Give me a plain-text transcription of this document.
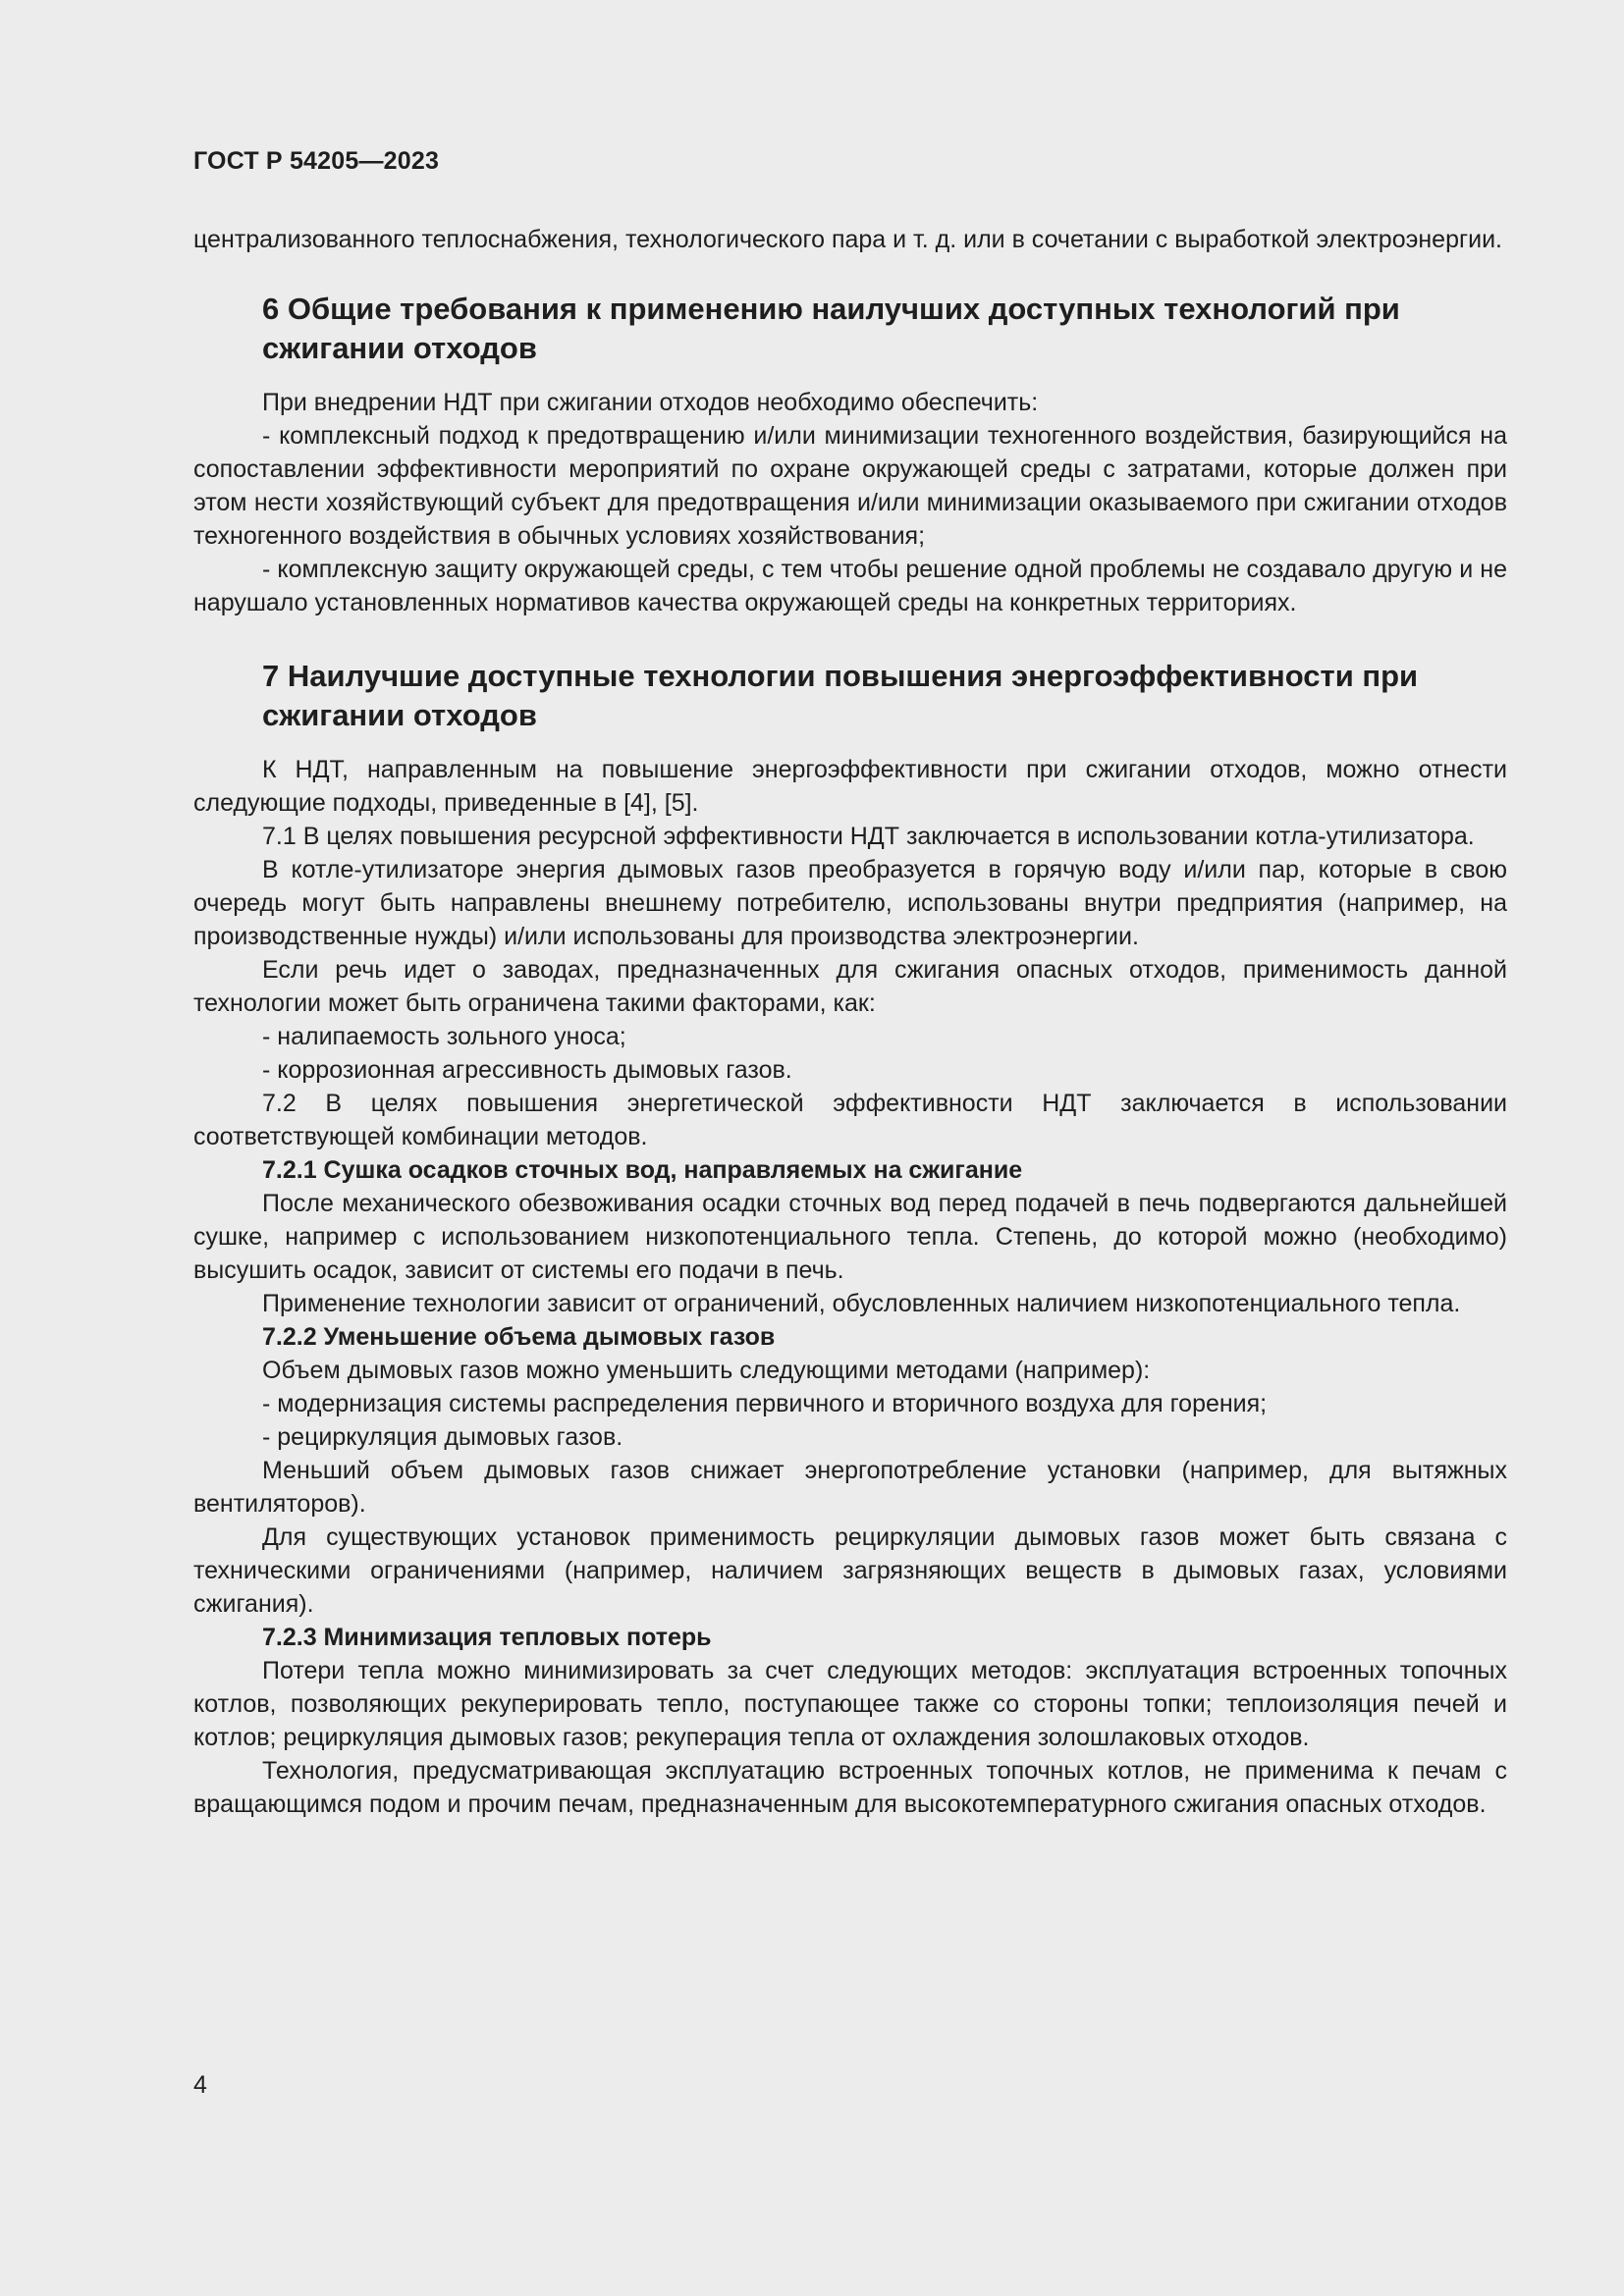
ГОСТ Р 54205—2023

централизованного теплоснабжения, технологического пара и т. д. или в сочетании с выработкой электроэнергии.

6 Общие требования к применению наилучших доступных технологий при сжигании отходов

При внедрении НДТ при сжигании отходов необходимо обеспечить:

- комплексный подход к предотвращению и/или минимизации техногенного воздействия, базирующийся на сопоставлении эффективности мероприятий по охране окружающей среды с затратами, которые должен при этом нести хозяйствующий субъект для предотвращения и/или минимизации оказываемого при сжигании отходов техногенного воздействия в обычных условиях хозяйствования;

- комплексную защиту окружающей среды, с тем чтобы решение одной проблемы не создавало другую и не нарушало установленных нормативов качества окружающей среды на конкретных территориях.

7 Наилучшие доступные технологии повышения энергоэффективности при сжигании отходов

К НДТ, направленным на повышение энергоэффективности при сжигании отходов, можно отнести следующие подходы, приведенные в [4], [5].

7.1 В целях повышения ресурсной эффективности НДТ заключается в использовании котла-утилизатора.

В котле-утилизаторе энергия дымовых газов преобразуется в горячую воду и/или пар, которые в свою очередь могут быть направлены внешнему потребителю, использованы внутри предприятия (например, на производственные нужды) и/или использованы для производства электроэнергии.

Если речь идет о заводах, предназначенных для сжигания опасных отходов, применимость данной технологии может быть ограничена такими факторами, как:

- налипаемость зольного уноса;

- коррозионная агрессивность дымовых газов.

7.2 В целях повышения энергетической эффективности НДТ заключается в использовании соответствующей комбинации методов.

7.2.1 Сушка осадков сточных вод, направляемых на сжигание

После механического обезвоживания осадки сточных вод перед подачей в печь подвергаются дальнейшей сушке, например с использованием низкопотенциального тепла. Степень, до которой можно (необходимо) высушить осадок, зависит от системы его подачи в печь.

Применение технологии зависит от ограничений, обусловленных наличием низкопотенциального тепла.

7.2.2 Уменьшение объема дымовых газов

Объем дымовых газов можно уменьшить следующими методами (например):

- модернизация системы распределения первичного и вторичного воздуха для горения;

- рециркуляция дымовых газов.

Меньший объем дымовых газов снижает энергопотребление установки (например, для вытяжных вентиляторов).

Для существующих установок применимость рециркуляции дымовых газов может быть связана с техническими ограничениями (например, наличием загрязняющих веществ в дымовых газах, условиями сжигания).

7.2.3 Минимизация тепловых потерь

Потери тепла можно минимизировать за счет следующих методов: эксплуатация встроенных топочных котлов, позволяющих рекуперировать тепло, поступающее также со стороны топки; теплоизоляция печей и котлов; рециркуляция дымовых газов; рекуперация тепла от охлаждения золошлаковых отходов.

Технология, предусматривающая эксплуатацию встроенных топочных котлов, не применима к печам с вращающимся подом и прочим печам, предназначенным для высокотемпературного сжигания опасных отходов.

4
